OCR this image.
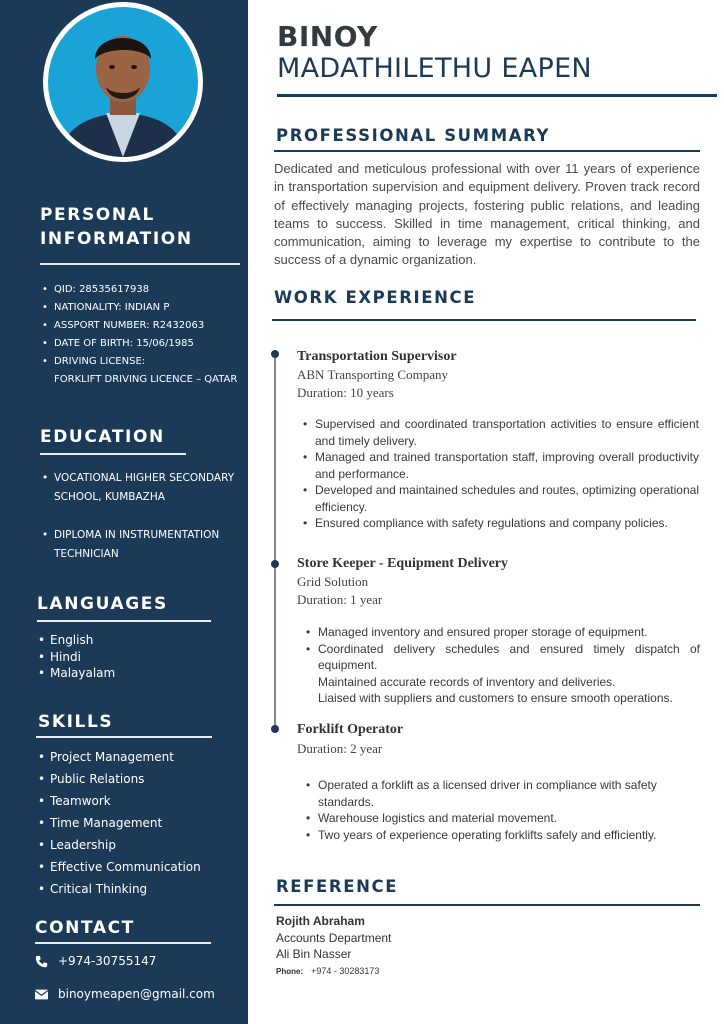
PERSONAL
INFORMATION
• QID: 28535617938
• NATIONALITY: INDIAN P
• ASSPORT NUMBER: R2432063
• DATE OF BIRTH: 15/06/1985
• DRIVING LICENSE:
FORKLIFT DRIVING LICENCE – QATAR
EDUCATION
• VOCATIONAL HIGHER SECONDARY SCHOOL, KUMBAZHA
• DIPLOMA IN INSTRUMENTATION TECHNICIAN
LANGUAGES
• English
• Hindi
• Malayalam
SKILLS
• Project Management
• Public Relations
• Teamwork
• Time Management
• Leadership
• Effective Communication
• Critical Thinking
CONTACT
+974-30755147
binoymeapen@gmail.com
BINOY
MADATHILETHU EAPEN
PROFESSIONAL SUMMARY

Dedicated and meticulous professional with over 11 years of experience in transportation supervision and equipment delivery. Proven track record of effectively managing projects, fostering public relations, and leading teams to success. Skilled in time management, critical thinking, and communication, aiming to leverage my expertise to contribute to the success of a dynamic organization.

WORK EXPERIENCE
Transportation Supervisor
ABN Transporting Company
Duration: 10 years
• Supervised and coordinated transportation activities to ensure efficient and timely delivery.
• Managed and trained transportation staff, improving overall productivity and performance.
• Developed and maintained schedules and routes, optimizing operational efficiency.
• Ensured compliance with safety regulations and company policies.
Store Keeper - Equipment Delivery
Grid Solution
Duration: 1 year
• Managed inventory and ensured proper storage of equipment.
• Coordinated delivery schedules and ensured timely dispatch of equipment.
Maintained accurate records of inventory and deliveries.
Liaised with suppliers and customers to ensure smooth operations.
Forklift Operator
Duration: 2 year
• Operated a forklift as a licensed driver in compliance with safety standards.
• Warehouse logistics and material movement.
• Two years of experience operating forklifts safely and efficiently.
REFERENCE
Rojith Abraham
Accounts Department
Ali Bin Nasser
Phone: +974 - 30283173
